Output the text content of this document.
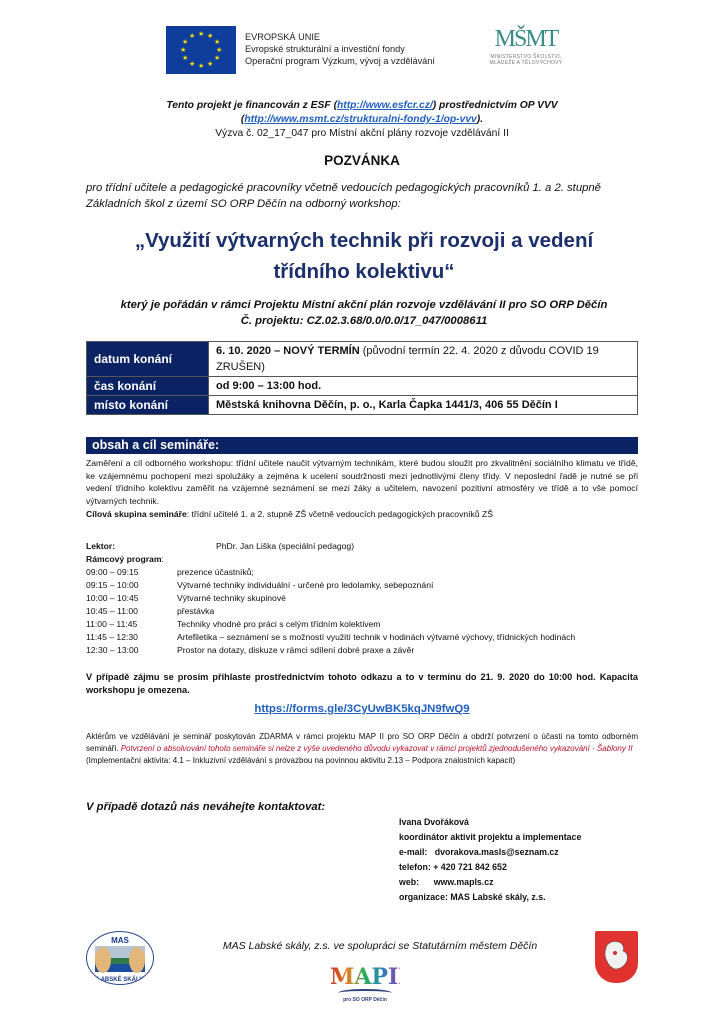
★ ★
★
★
★
★
★
★
★
★
★
★	EVROPSKÁ UNIE
Evropské strukturální a investiční fondy
Operační program Výzkum, vývoj a vzdělávání
MŠMT
MINISTERSTVO ŠKOLSTVÍ,
MLÁDEŽE A TĚLOVÝCHOVY
Tento projekt je financován z ESF (http://www.esfcr.cz/) prostřednictvím OP VVV
(http://www.msmt.cz/strukturalni-fondy-1/op-vvv).
Výzva č. 02_17_047 pro Místní akční plány rozvoje vzdělávání II
POZVÁNKA
pro třídní učitele a pedagogické pracovníky včetně vedoucích pedagogických pracovníků 1. a 2. stupně Základních škol z území SO ORP Děčín na odborný workshop:
„Využití výtvarných technik při rozvoji a vedení
třídního kolektivu“
který je pořádán v rámci Projektu Místní akční plán rozvoje vzdělávání II pro SO ORP Děčín
Č. projektu: CZ.02.3.68/0.0/0.0/17_047/0008611
datum konání	6. 10. 2020 – NOVÝ TERMÍN (původní termín 22. 4. 2020 z důvodu COVID 19 ZRUŠEN)
čas konání	od 9:00 – 13:00 hod.
místo konání	Městská knihovna Děčín, p. o., Karla Čapka 1441/3, 406 55 Děčín I
obsah a cíl semináře:
Zaměření a cíl odborného workshopu: třídní učitele naučit výtvarným technikám, které budou sloužit pro zkvalitnění sociálního klimatu ve třídě, ke vzájemnému pochopení mezi spolužáky a zejména k ucelení soudržnosti mezi jednotlivými členy třídy. V neposlední řadě je nutné se při vedení třídního kolektivu zaměřit na vzájemné seznámení se mezi žáky a učitelem, navození pozitivní atmosféry ve třídě a to vše pomocí výtvarných technik.
Cílová skupina semináře: třídní učitelé 1. a 2. stupně ZŠ včetně vedoucích pedagogických pracovníků ZŠ
Lektor:	PhDr. Jan Liška (speciální pedagog)
Rámcový program:
09:00 – 09:15	prezence účastníků;
09:15 – 10:00	Výtvarné techniky individuální - určené pro ledolamky, sebepoznání
10:00 – 10:45	Výtvarné techniky skupinové
10:45 – 11:00	přestávka
11:00 – 11:45	Techniky vhodné pro práci s celým třídním kolektivem
11:45 – 12:30	Artefiletika – seznámení se s možností využití technik v hodinách výtvarné výchovy, třídnických hodinách
12:30 – 13:00	Prostor na dotazy, diskuze v rámci sdílení dobré praxe a závěr
V případě zájmu se prosím přihlaste prostřednictvím tohoto odkazu a to v termínu do 21. 9. 2020 do 10:00 hod. Kapacita workshopu je omezena.
https://forms.gle/3CyUwBK5kqJN9fwQ9
Aktérům ve vzdělávání je seminář poskytován ZDARMA v rámci projektu MAP II pro SO ORP Děčín a obdrží potvrzení o účasti na tomto odborném semináři. Potvrzení o absolvování tohoto semináře si nelze z výše uvedeného důvodu vykazovat v rámci projektů zjednodušeného vykazování - Šablony II
(Implementační aktivita: 4.1 – Inkluzivní vzdělávání s provazbou na povinnou aktivitu 2.13 – Podpora znalostních kapacit)
V případě dotazů nás neváhejte kontaktovat:
Ivana Dvořáková
koordinátor aktivit projektu a implementace
e-mail: dvorakova.masls@seznam.cz
telefon: + 420 721 842 652
web: www.mapls.cz
organizace: MAS Labské skály, z.s.
MAS
LABSKÉ SKÁLY
MAS Labské skály, z.s. ve spolupráci se Statutárním městem Děčín
MAPII
pro SO ORP Děčín
